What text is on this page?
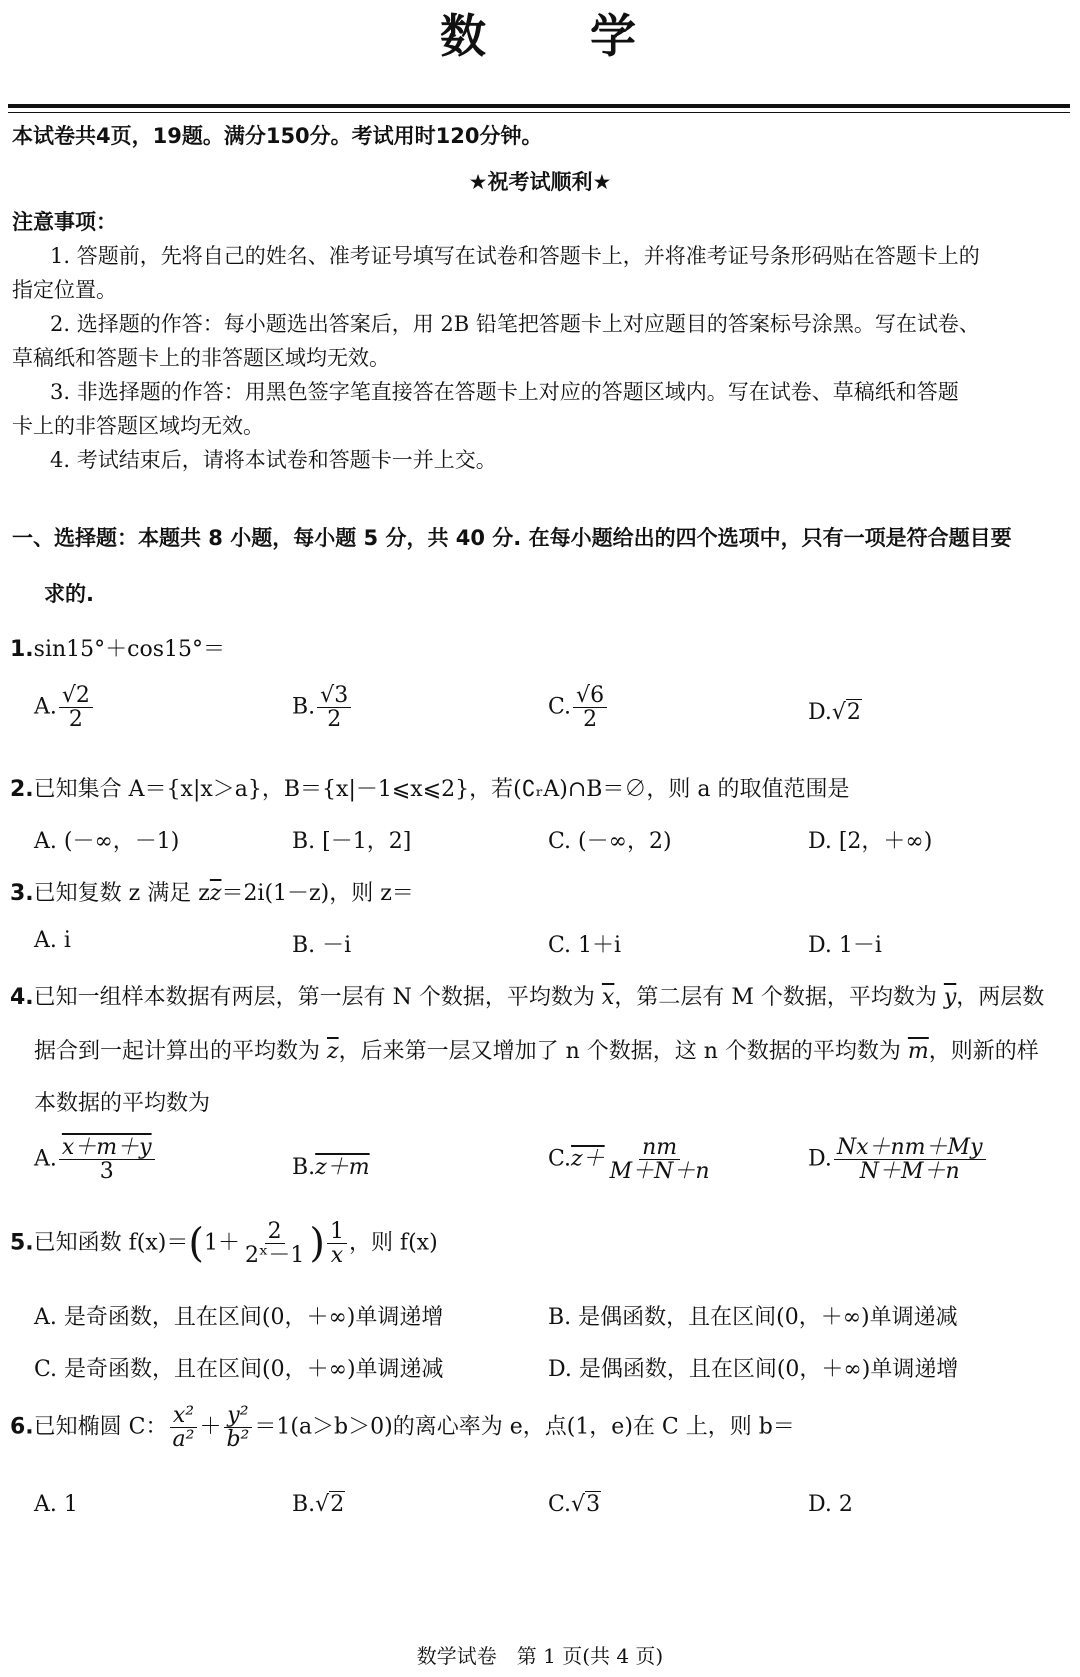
数　　学
本试卷共4页，19题。满分150分。考试用时120分钟。
★祝考试顺利★
注意事项：
1. 答题前，先将自己的姓名、准考证号填写在试卷和答题卡上，并将准考证号条形码贴在答题卡上的
指定位置。
2. 选择题的作答：每小题选出答案后，用 2B 铅笔把答题卡上对应题目的答案标号涂黑。写在试卷、
草稿纸和答题卡上的非答题区域均无效。
3. 非选择题的作答：用黑色签字笔直接答在答题卡上对应的答题区域内。写在试卷、草稿纸和答题
卡上的非答题区域均无效。
4. 考试结束后，请将本试卷和答题卡一并上交。
一、选择题：本题共 8 小题，每小题 5 分，共 40 分. 在每小题给出的四个选项中，只有一项是符合题目要
求的.
1.sin15°＋cos15°＝
A. $\frac{√2}{2}$	B. $\frac{√3}{2}$	C. $\frac{√6}{2}$	D.√2
2.已知集合 A＝{x|x＞a}，B＝{x|－1⩽x⩽2}，若(∁ᵣA)∩B＝∅，则 a 的取值范围是
A. (－∞，－1)	B. [－1，2]	C. (－∞，2)	D. [2，＋∞)
3.已知复数 z 满足 $z\overline{z}=2i(1-z)$，则 z＝
A. i	B. －i	C. 1＋i	D. 1－i
4.已知一组样本数据有两层，第一层有 N 个数据，平均数为 $\overline{x}$，第二层有 M 个数据，平均数为 $\overline{y}$，两层数
据合到一起计算出的平均数为 $\overline{z}$，后来第一层又增加了 n 个数据，这 n 个数据的平均数为 $\overline{m}$，则新的样
本数据的平均数为
A. $\frac{x+m+y}{3}$	B.z＋m	$C.z+ \frac{nm}{M+N+n}$	D. $\frac{Nx+nm+My}{N+M+n}$
5.已知函数 $f(x)=(1+ \frac{2}{\text{2ˣ－1}}$ ) $\frac{1}{x}$ ，则 f(x)
A. 是奇函数，且在区间(0，＋∞)单调递增	B. 是偶函数，且在区间(0，＋∞)单调递减
C. 是奇函数，且在区间(0，＋∞)单调递减	D. 是偶函数，且在区间(0，＋∞)单调递增
6.已知椭圆 C： $\frac{\text{x²}}{\text{a²}} + \frac{\text{y²}}{\text{b²}} =1(a>b>0)$的离心率为 e，点(1，e)在 C 上，则 b＝
A. 1	B.√2	C.√3	D. 2
数学试卷　第 1 页(共 4 页)
